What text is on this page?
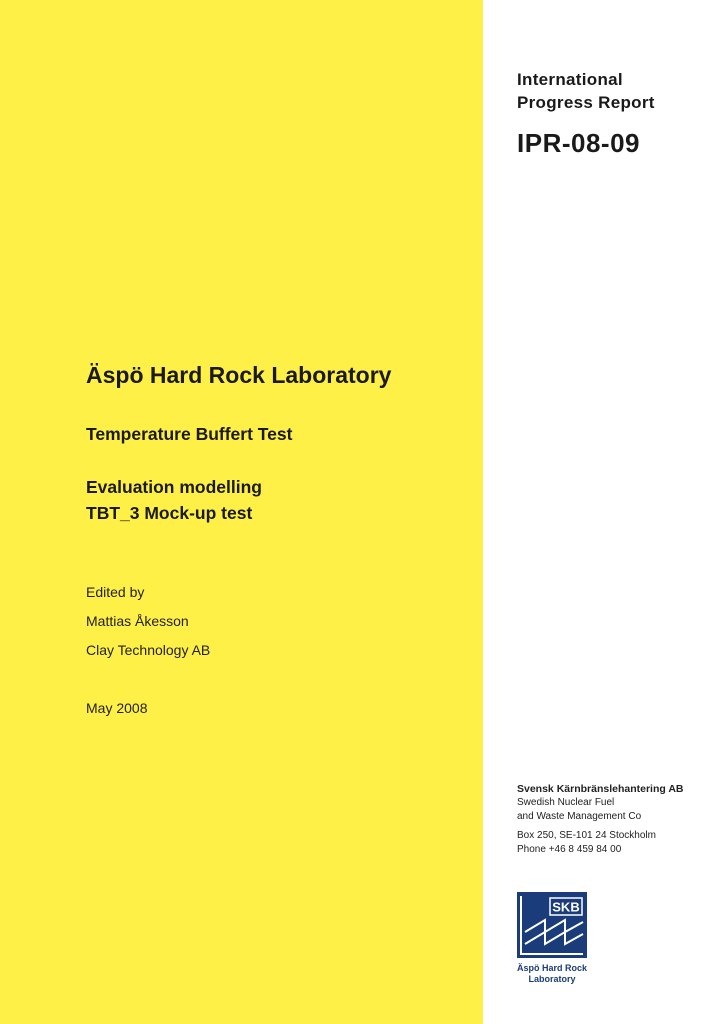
International
Progress Report
IPR-08-09
Äspö Hard Rock Laboratory
Temperature Buffert Test
Evaluation modelling
TBT_3 Mock-up test
Edited by
Mattias Åkesson
Clay Technology AB
May 2008
Svensk Kärnbränslehantering AB
Swedish Nuclear Fuel
and Waste Management Co
Box 250, SE-101 24 Stockholm
Phone +46 8 459 84 00
SKB
Äspö Hard Rock
Laboratory
